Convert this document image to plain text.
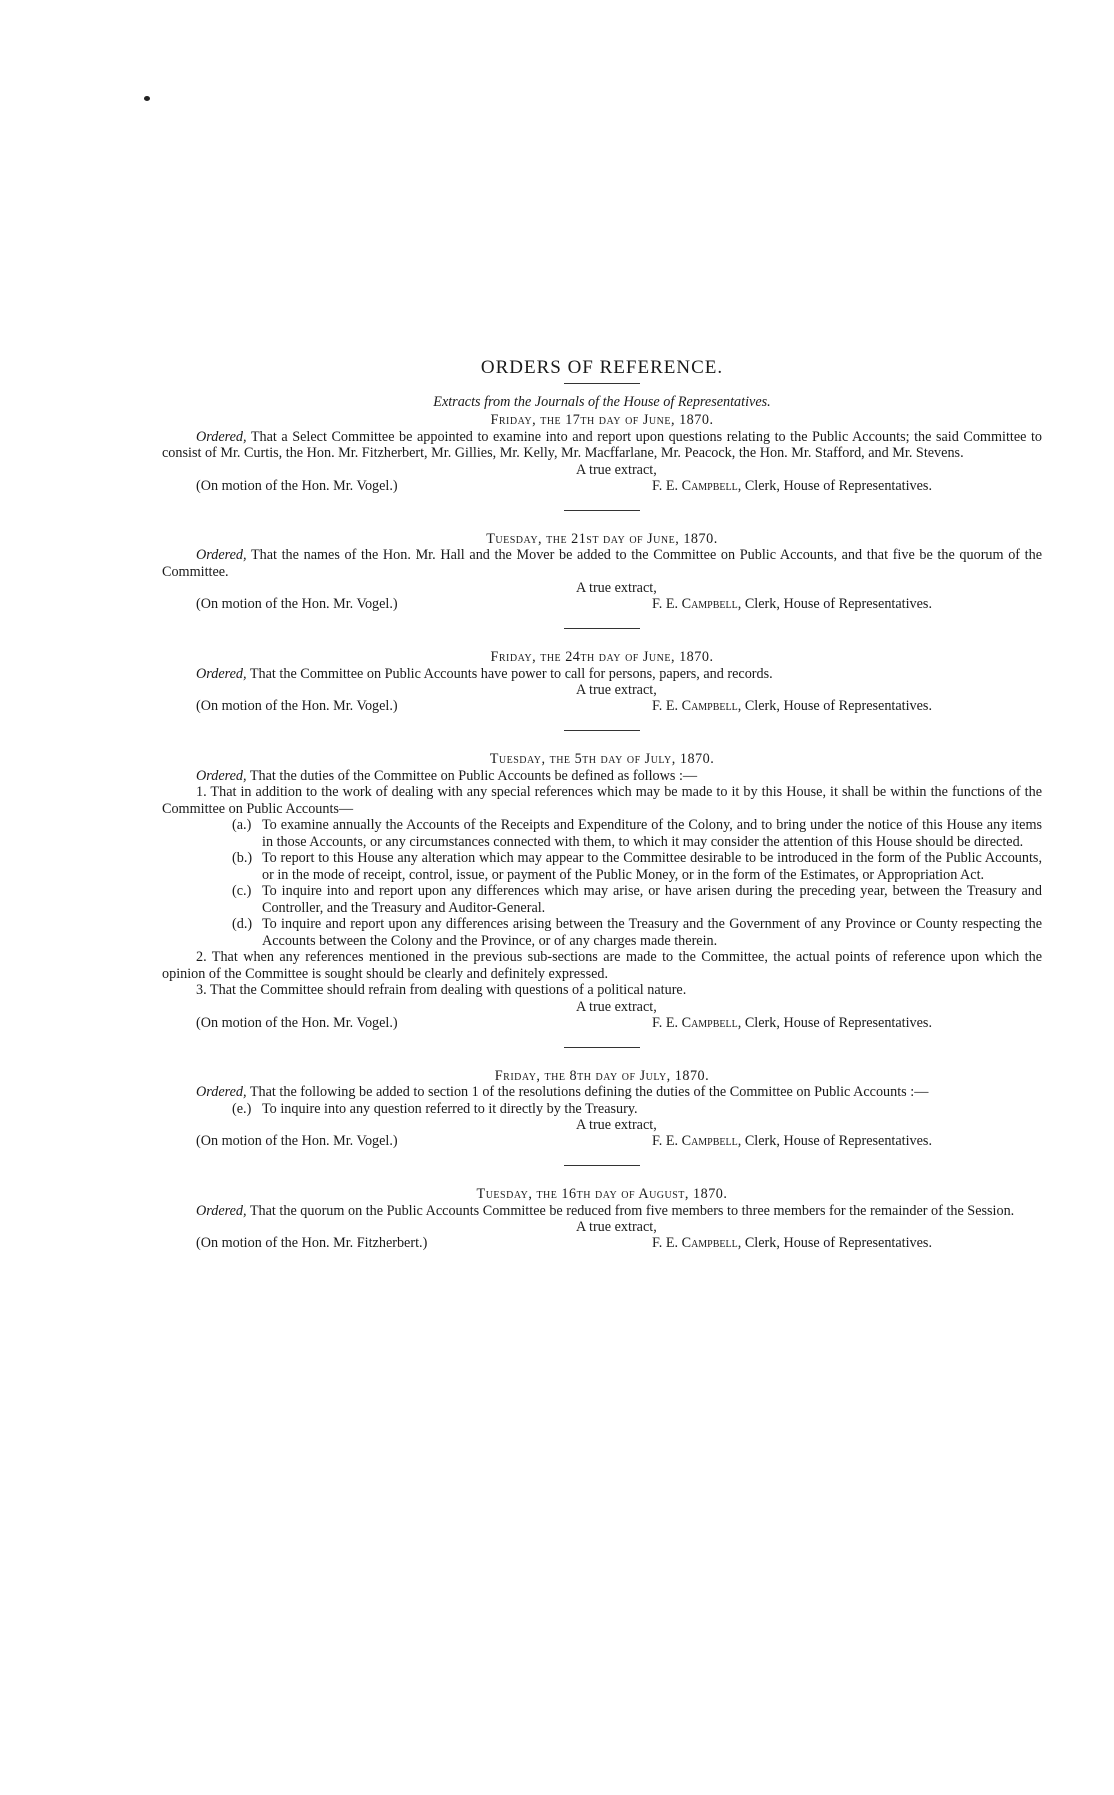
ORDERS OF REFERENCE.
Extracts from the Journals of the House of Representatives.
Friday, the 17th day of June, 1870.
Ordered, That a Select Committee be appointed to examine into and report upon questions relating to the Public Accounts; the said Committee to consist of Mr. Curtis, the Hon. Mr. Fitzherbert, Mr. Gillies, Mr. Kelly, Mr. Macffarlane, Mr. Peacock, the Hon. Mr. Stafford, and Mr. Stevens.
A true extract,
(On motion of the Hon. Mr. Vogel.)	F. E. Campbell, Clerk, House of Representatives.
Tuesday, the 21st day of June, 1870.
Ordered, That the names of the Hon. Mr. Hall and the Mover be added to the Committee on Public Accounts, and that five be the quorum of the Committee.
A true extract,
(On motion of the Hon. Mr. Vogel.)	F. E. Campbell, Clerk, House of Representatives.
Friday, the 24th day of June, 1870.
Ordered, That the Committee on Public Accounts have power to call for persons, papers, and records.
A true extract,
(On motion of the Hon. Mr. Vogel.)	F. E. Campbell, Clerk, House of Representatives.
Tuesday, the 5th day of July, 1870.
Ordered, That the duties of the Committee on Public Accounts be defined as follows :—
1. That in addition to the work of dealing with any special references which may be made to it by this House, it shall be within the functions of the Committee on Public Accounts—
(a.) To examine annually the Accounts of the Receipts and Expenditure of the Colony, and to bring under the notice of this House any items in those Accounts, or any circumstances connected with them, to which it may consider the attention of this House should be directed.
(b.) To report to this House any alteration which may appear to the Committee desirable to be introduced in the form of the Public Accounts, or in the mode of receipt, control, issue, or payment of the Public Money, or in the form of the Estimates, or Appropriation Act.
(c.) To inquire into and report upon any differences which may arise, or have arisen during the preceding year, between the Treasury and Controller, and the Treasury and Auditor-General.
(d.) To inquire and report upon any differences arising between the Treasury and the Government of any Province or County respecting the Accounts between the Colony and the Province, or of any charges made therein.
2. That when any references mentioned in the previous sub-sections are made to the Committee, the actual points of reference upon which the opinion of the Committee is sought should be clearly and definitely expressed.
3. That the Committee should refrain from dealing with questions of a political nature.
A true extract,
(On motion of the Hon. Mr. Vogel.)	F. E. Campbell, Clerk, House of Representatives.
Friday, the 8th day of July, 1870.
Ordered, That the following be added to section 1 of the resolutions defining the duties of the Committee on Public Accounts :—
(e.) To inquire into any question referred to it directly by the Treasury.
A true extract,
(On motion of the Hon. Mr. Vogel.)	F. E. Campbell, Clerk, House of Representatives.
Tuesday, the 16th day of August, 1870.
Ordered, That the quorum on the Public Accounts Committee be reduced from five members to three members for the remainder of the Session.
A true extract,
(On motion of the Hon. Mr. Fitzherbert.)	F. E. Campbell, Clerk, House of Representatives.
